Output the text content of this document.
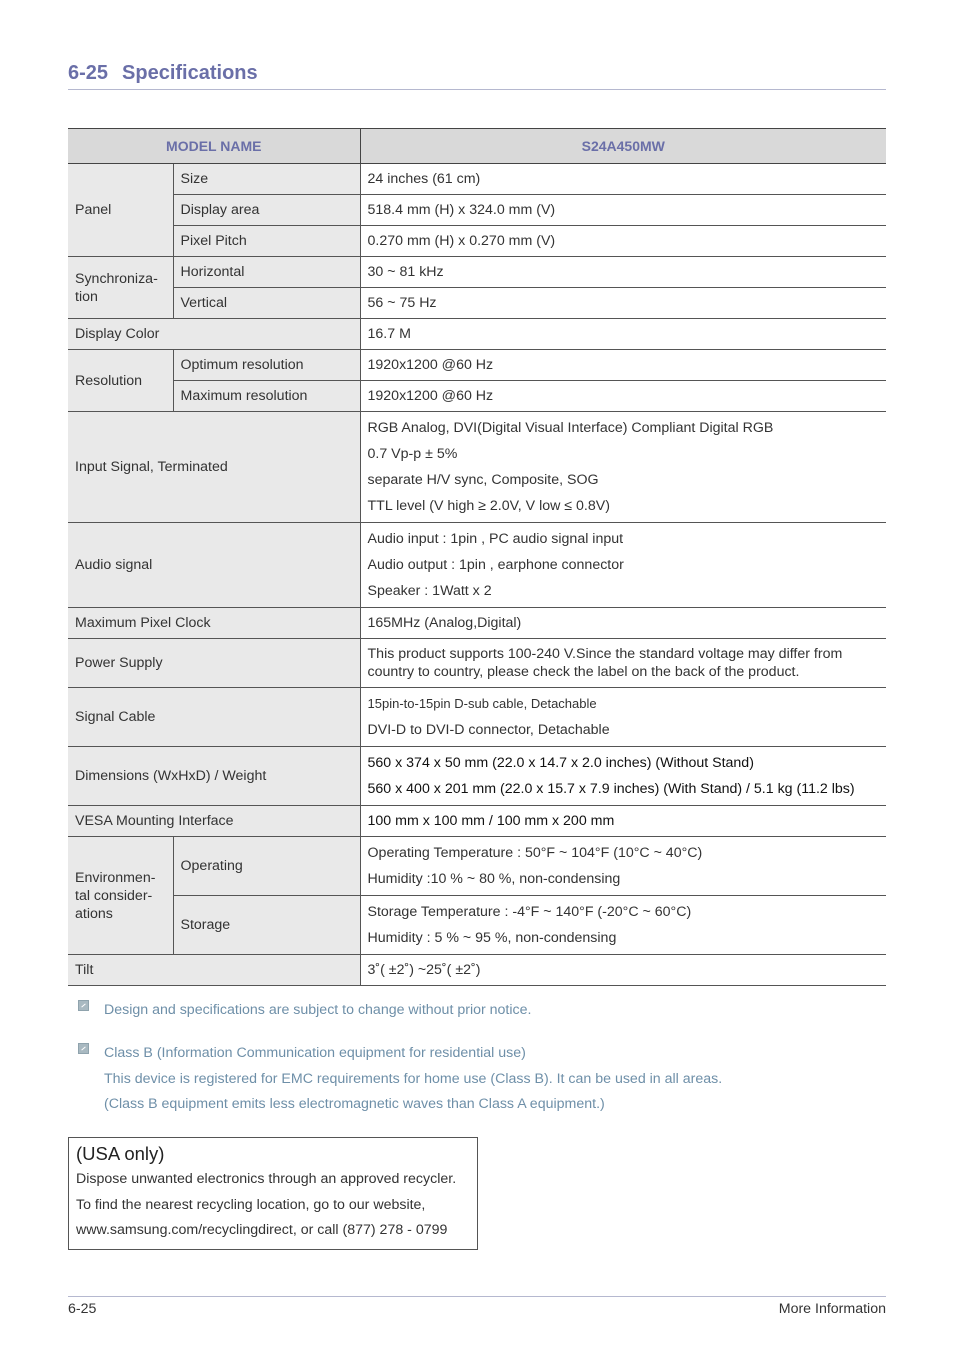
6-25 Specifications
MODEL NAME		S24A450MW
Panel	Size	24 inches (61 cm)
	Display area	518.4 mm (H) x 324.0 mm (V)
	Pixel Pitch	0.270 mm (H) x 0.270 mm (V)

Synchroniza-
tion	Horizontal	30 ~ 81 kHz
	Vertical	56 ~ 75 Hz
Display Color		16.7 M
Resolution	Optimum resolution	1920x1200 @60 Hz
	Maximum resolution	1920x1200 @60 Hz
Input Signal, Terminated		RGB Analog, DVI(Digital Visual Interface) Compliant Digital RGB
0.7 Vp-p ± 5%
separate H/V sync, Composite, SOG
TTL level (V high ≥ 2.0V, V low ≤ 0.8V)

Audio signal		Audio input : 1pin , PC audio signal input
Audio output : 1pin , earphone connector
Speaker : 1Watt x 2

Maximum Pixel Clock		165MHz (Analog,Digital)
Power Supply		This product supports 100-240 V.Since the standard voltage may differ from country to country, please check the label on the back of the product.
Signal Cable		15pin-to-15pin D-sub cable, Detachable
DVI-D to DVI-D connector, Detachable

Dimensions (WxHxD) / Weight		560 x 374 x 50 mm (22.0 x 14.7 x 2.0 inches) (Without Stand)
560 x 400 x 201 mm (22.0 x 15.7 x 7.9 inches) (With Stand) / 5.1 kg (11.2 lbs)

VESA Mounting Interface		100 mm x 100 mm / 100 mm x 200 mm

Environmen-
tal consider-
ations	Operating	Operating Temperature : 50°F ~ 104°F (10°C ~ 40°C)
Humidity :10 % ~ 80 %, non-condensing

	Storage	Storage Temperature : -4°F ~ 140°F (-20°C ~ 60°C)
Humidity : 5 % ~ 95 %, non-condensing

Tilt		3˚( ±2˚) ~25˚( ±2˚)
Design and specifications are subject to change without prior notice.
Class B (Information Communication equipment for residential use)
This device is registered for EMC requirements for home use (Class B). It can be used in all areas.
(Class B equipment emits less electromagnetic waves than Class A equipment.)
(USA only)
Dispose unwanted electronics through an approved recycler.
To find the nearest recycling location, go to our website,
www.samsung.com/recyclingdirect, or call (877) 278 - 0799
6-25	More Information
